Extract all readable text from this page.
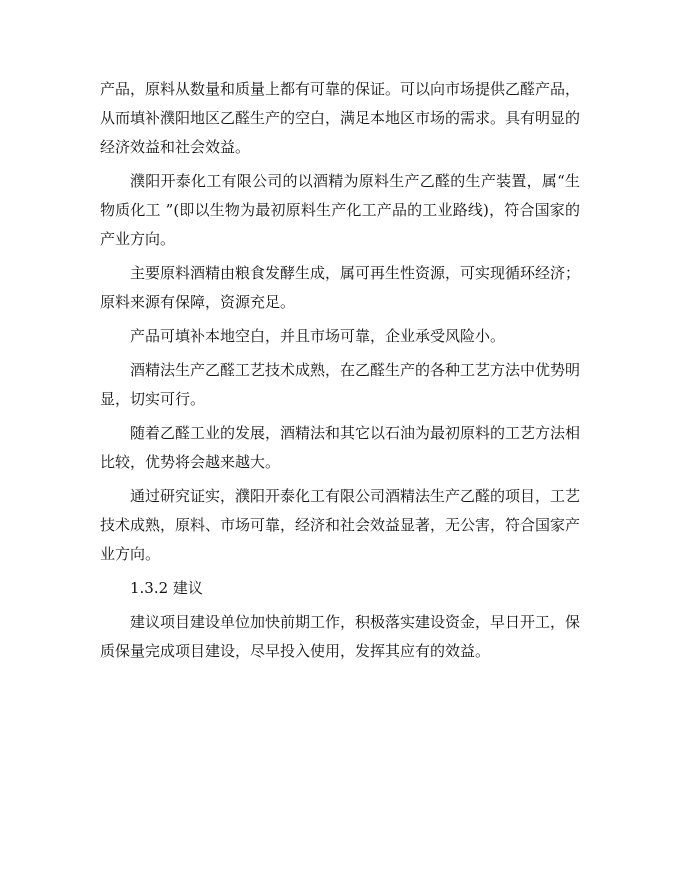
产品，原料从数量和质量上都有可靠的保证。可以向市场提供乙醛产品，从而填补濮阳地区乙醛生产的空白，满足本地区市场的需求。具有明显的经济效益和社会效益。

濮阳开泰化工有限公司的以酒精为原料生产乙醛的生产装置，属“生物质化工 ”(即以生物为最初原料生产化工产品的工业路线)，符合国家的产业方向。

主要原料酒精由粮食发酵生成，属可再生性资源，可实现循环经济；原料来源有保障，资源充足。

产品可填补本地空白，并且市场可靠，企业承受风险小。

酒精法生产乙醛工艺技术成熟，在乙醛生产的各种工艺方法中优势明显，切实可行。

随着乙醛工业的发展，酒精法和其它以石油为最初原料的工艺方法相比较，优势将会越来越大。

通过研究证实，濮阳开泰化工有限公司酒精法生产乙醛的项目，工艺技术成熟，原料、市场可靠，经济和社会效益显著，无公害，符合国家产业方向。

1.3.2 建议

建议项目建设单位加快前期工作，积极落实建设资金，早日开工，保质保量完成项目建设，尽早投入使用，发挥其应有的效益。
